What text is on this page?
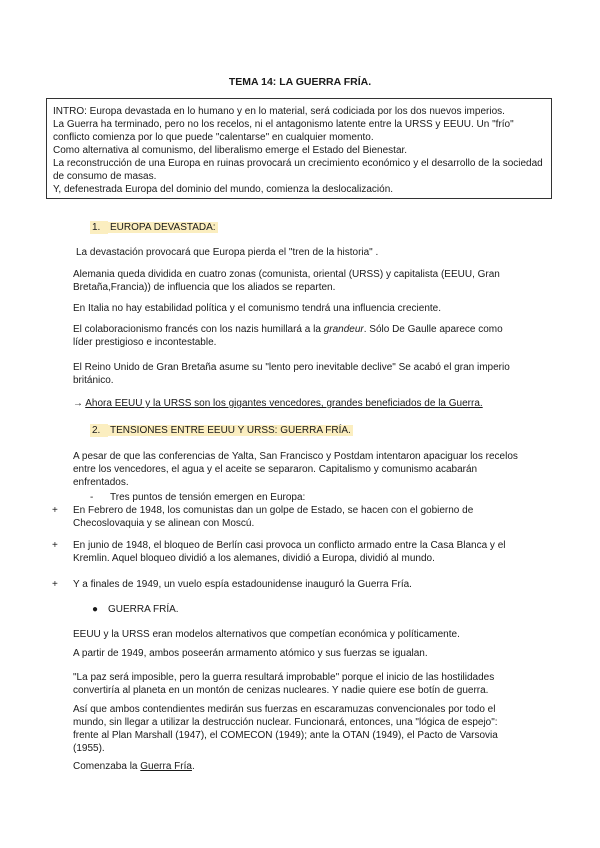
TEMA 14: LA GUERRA FRÍA.

INTRO: Europa devastada en lo humano y en lo material, será codiciada por los dos nuevos imperios.

La Guerra ha terminado, pero no los recelos, ni el antagonismo latente entre la URSS y EEUU. Un "frío" conflicto comienza por lo que puede "calentarse" en cualquier momento.

Como alternativa al comunismo, del liberalismo emerge el Estado del Bienestar.

La reconstrucción de una Europa en ruinas provocará un crecimiento económico y el desarrollo de la sociedad de consumo de masas.

Y, defenestrada Europa del dominio del mundo, comienza la deslocalización.

1. EUROPA DEVASTADA:
La devastación provocará que Europa pierda el "tren de la historia" .
Alemania queda dividida en cuatro zonas (comunista, oriental (URSS) y capitalista (EEUU, Gran Bretaña,Francia)) de influencia que los aliados se reparten.
En Italia no hay estabilidad política y el comunismo tendrá una influencia creciente.
El colaboracionismo francés con los nazis humillará a la grandeur. Sólo De Gaulle aparece como líder prestigioso e incontestable.
El Reino Unido de Gran Bretaña asume su "lento pero inevitable declive" Se acabó el gran imperio británico.
→ Ahora EEUU y la URSS son los gigantes vencedores, grandes beneficiados de la Guerra.
2. TENSIONES ENTRE EEUU Y URSS: GUERRA FRÍA.
A pesar de que las conferencias de Yalta, San Francisco y Postdam intentaron apaciguar los recelos entre los vencedores, el agua y el aceite se separaron. Capitalismo y comunismo acabarán enfrentados.
- Tres puntos de tensión emergen en Europa:
+	En Febrero de 1948, los comunistas dan un golpe de Estado, se hacen con el gobierno de Checoslovaquia y se alinean con Moscú.
+	En junio de 1948, el bloqueo de Berlín casi provoca un conflicto armado entre la Casa Blanca y el Kremlin. Aquel bloqueo dividió a los alemanes, dividió a Europa, dividió al mundo.
+	Y a finales de 1949, un vuelo espía estadounidense inauguró la Guerra Fría.
● GUERRA FRÍA.
EEUU y la URSS eran modelos alternativos que competían económica y políticamente.
A partir de 1949, ambos poseerán armamento atómico y sus fuerzas se igualan.
"La paz será imposible, pero la guerra resultará improbable" porque el inicio de las hostilidades convertiría al planeta en un montón de cenizas nucleares. Y nadie quiere ese botín de guerra.
Así que ambos contendientes medirán sus fuerzas en escaramuzas convencionales por todo el mundo, sin llegar a utilizar la destrucción nuclear. Funcionará, entonces, una "lógica de espejo": frente al Plan Marshall (1947), el COMECON (1949); ante la OTAN (1949), el Pacto de Varsovia (1955).
Comenzaba la Guerra Fría.
